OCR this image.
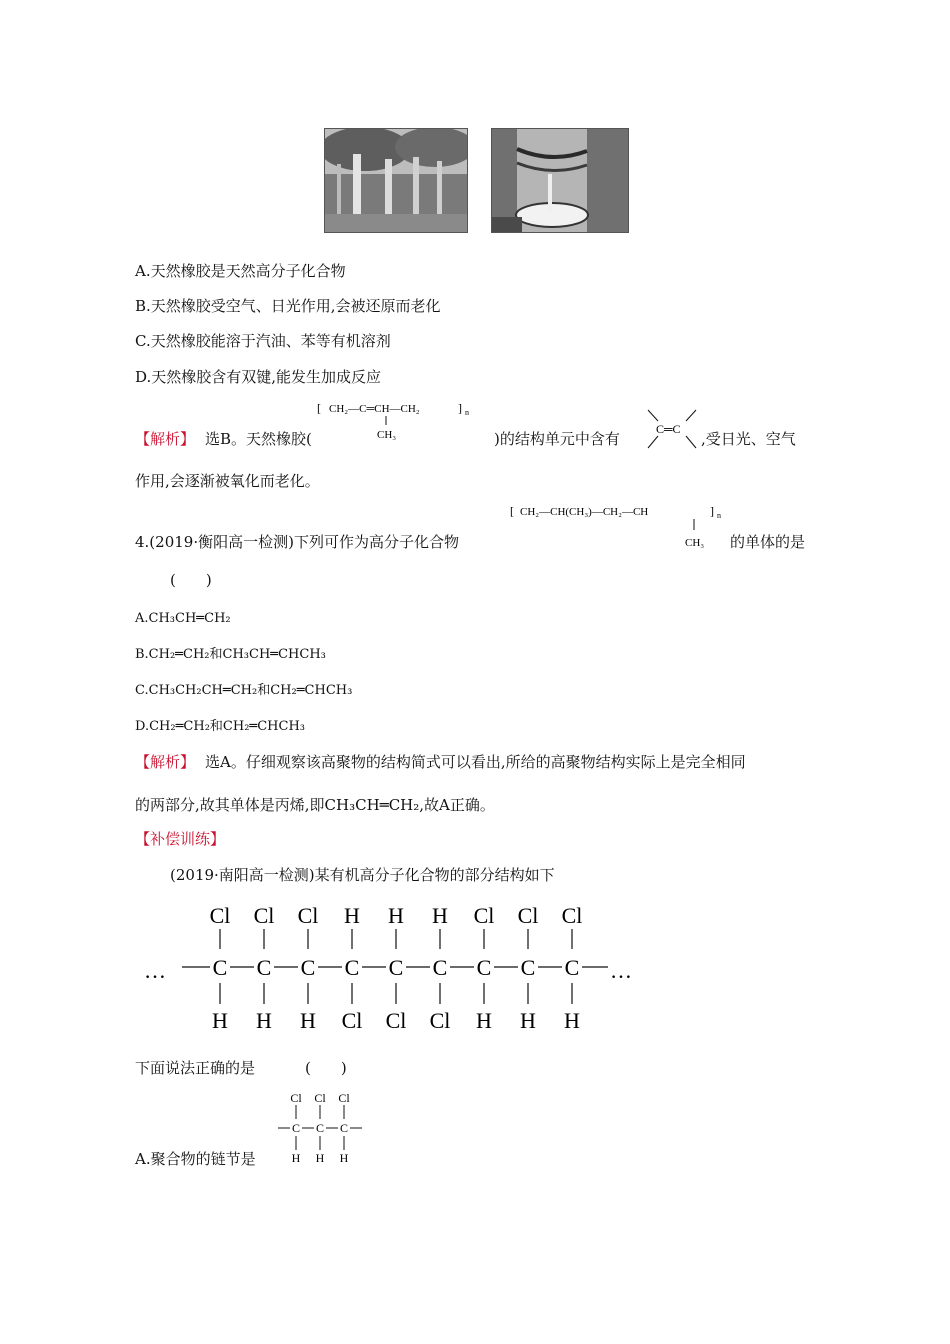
A.天然橡胶是天然高分子化合物
B.天然橡胶受空气、日光作用,会被还原而老化
C.天然橡胶能溶于汽油、苯等有机溶剂
D.天然橡胶含有双键,能发生加成反应
【解析】 选B。天然橡胶(
[ CH₂—C═CH—CH₂	] n
CH₃	)的结构单元中含有
C═C
,受日光、空气
作用,会逐渐被氧化而老化。
4.(2019·衡阳高一检测)下列可作为高分子化合物
[ CH₂—CH(CH₃)—CH₂—CH	] n
CH₃ 的单体的是
(　　)
A.CH₃CH═CH₂
B.CH₂═CH₂和CH₃CH═CHCH₃
C.CH₃CH₂CH═CH₂和CH₂═CHCH₃
D.CH₂═CH₂和CH₂═CHCH₃
【解析】 选A。仔细观察该高聚物的结构简式可以看出,所给的高聚物结构实际上是完全相同
的两部分,故其单体是丙烯,即CH₃CH═CH₂,故A正确。
【补偿训练】
(2019·南阳高一检测)某有机高分子化合物的部分结构如下
…	…
Cl
C
H
Cl
C
H
Cl
C
H
H
C
Cl
H
C
Cl
H
C
Cl
Cl
C
H
Cl
C
H
Cl
C
H
下面说法正确的是	(　　)
A.聚合物的链节是
Cl
C
H
Cl
C
H
Cl
C
H
